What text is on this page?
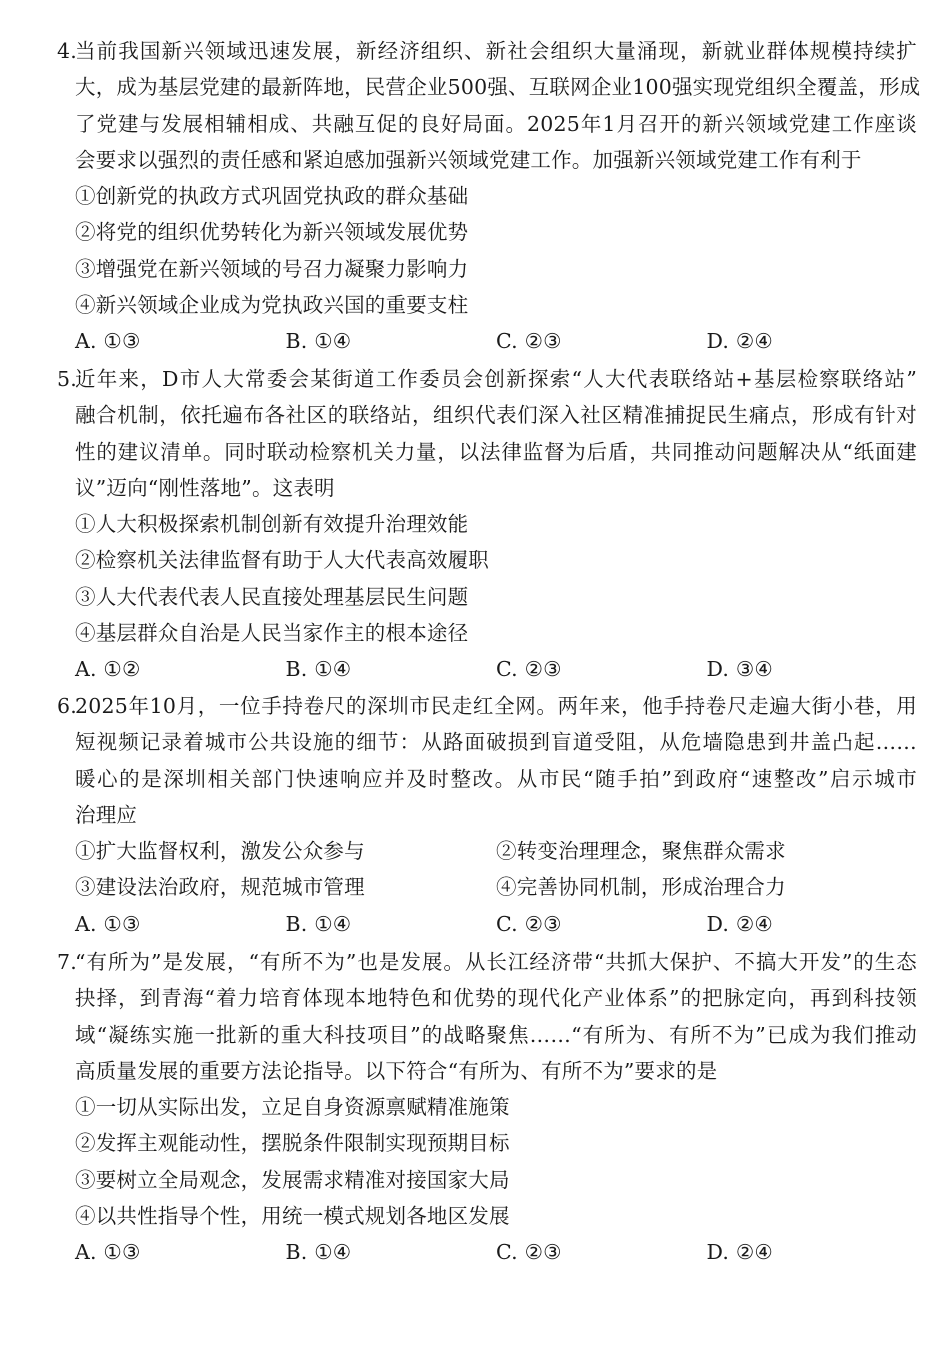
4.
当前我国新兴领域迅速发展，新经济组织、新社会组织大量涌现，新就业群体规模持续扩
大，成为基层党建的最新阵地，民营企业500强、互联网企业100强实现党组织全覆盖，形成
了党建与发展相辅相成、共融互促的良好局面。2025年1月召开的新兴领域党建工作座谈
会要求以强烈的责任感和紧迫感加强新兴领域党建工作。加强新兴领域党建工作有利于
①创新党的执政方式巩固党执政的群众基础
②将党的组织优势转化为新兴领域发展优势
③增强党在新兴领域的号召力凝聚力影响力
④新兴领域企业成为党执政兴国的重要支柱
A. ①③	B. ①④	C. ②③	D. ②④
5.
近年来，D市人大常委会某街道工作委员会创新探索“人大代表联络站+基层检察联络站”
融合机制，依托遍布各社区的联络站，组织代表们深入社区精准捕捉民生痛点，形成有针对
性的建议清单。同时联动检察机关力量，以法律监督为后盾，共同推动问题解决从“纸面建
议”迈向“刚性落地”。这表明
①人大积极探索机制创新有效提升治理效能
②检察机关法律监督有助于人大代表高效履职
③人大代表代表人民直接处理基层民生问题
④基层群众自治是人民当家作主的根本途径
A. ①②	B. ①④	C. ②③	D. ③④
6.
2025年10月，一位手持卷尺的深圳市民走红全网。两年来，他手持卷尺走遍大街小巷，用
短视频记录着城市公共设施的细节：从路面破损到盲道受阻，从危墙隐患到井盖凸起……
暖心的是深圳相关部门快速响应并及时整改。从市民“随手拍”到政府“速整改”启示城市
治理应
①扩大监督权利，激发公众参与	②转变治理理念，聚焦群众需求
③建设法治政府，规范城市管理	④完善协同机制，形成治理合力
A. ①③	B. ①④	C. ②③	D. ②④
7.
“有所为”是发展，“有所不为”也是发展。从长江经济带“共抓大保护、不搞大开发”的生态
抉择，到青海“着力培育体现本地特色和优势的现代化产业体系”的把脉定向，再到科技领
域“凝练实施一批新的重大科技项目”的战略聚焦……“有所为、有所不为”已成为我们推动
高质量发展的重要方法论指导。以下符合“有所为、有所不为”要求的是
①一切从实际出发，立足自身资源禀赋精准施策
②发挥主观能动性，摆脱条件限制实现预期目标
③要树立全局观念，发展需求精准对接国家大局
④以共性指导个性，用统一模式规划各地区发展
A. ①③	B. ①④	C. ②③	D. ②④
